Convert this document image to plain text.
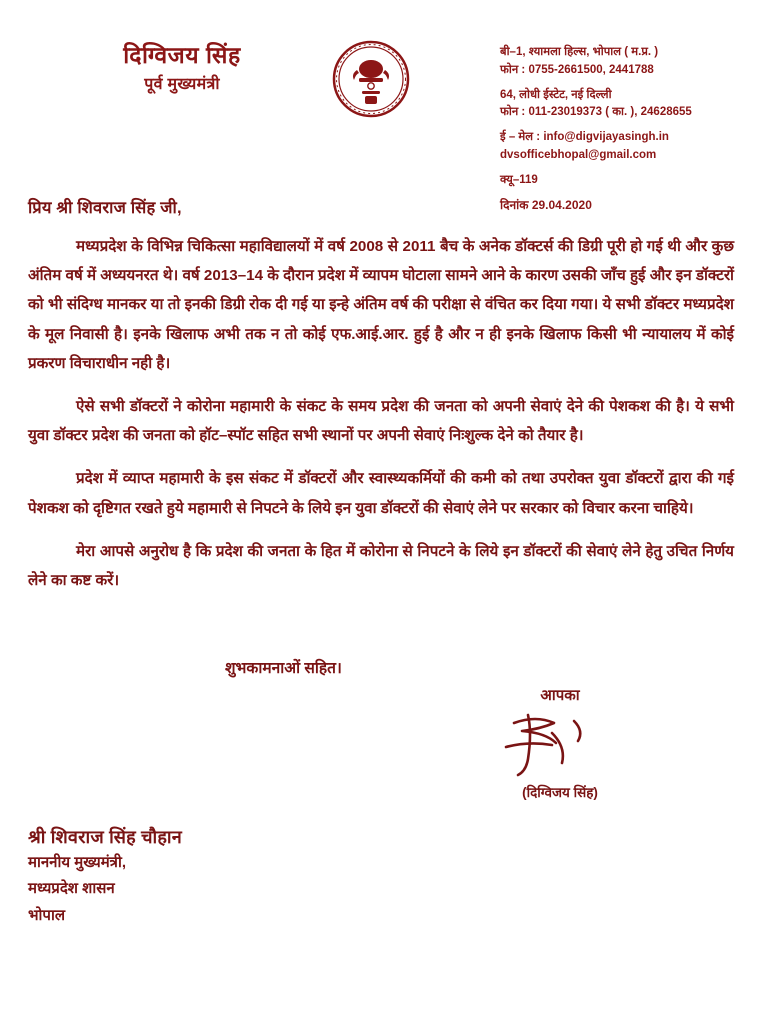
दिग्विजय सिंह
पूर्व मुख्यमंत्री
बी–1, श्यामला हिल्स, भोपाल ( म.प्र. )
फोन : 0755-2661500, 2441788
64, लोधी ईस्टेट, नई दिल्ली
फोन : 011-23019373 ( का. ), 24628655
ई – मेल : info@digvijayasingh.in
dvsofficebhopal@gmail.com
क्यू–119
दिनांक 29.04.2020
प्रिय श्री शिवराज सिंह जी,

मध्यप्रदेश के विभिन्न चिकित्सा महाविद्यालयों में वर्ष 2008 से 2011 बैच के अनेक डॉक्टर्स की डिग्री पूरी हो गई थी और कुछ अंतिम वर्ष में अध्ययनरत थे। वर्ष 2013–14 के दौरान प्रदेश में व्यापम घोटाला सामने आने के कारण उसकी जॉंच हुई और इन डॉक्टरों को भी संदिग्ध मानकर या तो इनकी डिग्री रोक दी गई या इन्हे अंतिम वर्ष की परीक्षा से वंचित कर दिया गया। ये सभी डॉक्टर मध्यप्रदेश के मूल निवासी है। इनके खिलाफ अभी तक न तो कोई एफ.आई.आर. हुई है और न ही इनके खिलाफ किसी भी न्यायालय में कोई प्रकरण विचाराधीन नही है।

ऐसे सभी डॉक्टरों ने कोरोना महामारी के संकट के समय प्रदेश की जनता को अपनी सेवाएं देने की पेशकश की है। ये सभी युवा डॉक्टर प्रदेश की जनता को हॉट–स्पॉट सहित सभी स्थानों पर अपनी सेवाएं निःशुल्क देने को तैयार है।

प्रदेश में व्याप्त महामारी के इस संकट में डॉक्टरों और स्वास्थ्यकर्मियों की कमी को तथा उपरोक्त युवा डॉक्टरों द्वारा की गई पेशकश को दृष्टिगत रखते हुये महामारी से निपटने के लिये इन युवा डॉक्टरों की सेवाएं लेने पर सरकार को विचार करना चाहिये।

मेरा आपसे अनुरोध है कि प्रदेश की जनता के हित में कोरोना से निपटने के लिये इन डॉक्टरों की सेवाएं लेने हेतु उचित निर्णय लेने का कष्ट करें।

शुभकामनाओं सहित।
आपका
(दिग्विजय सिंह)
श्री शिवराज सिंह चौहान
माननीय मुख्यमंत्री,
मध्यप्रदेश शासन
भोपाल
